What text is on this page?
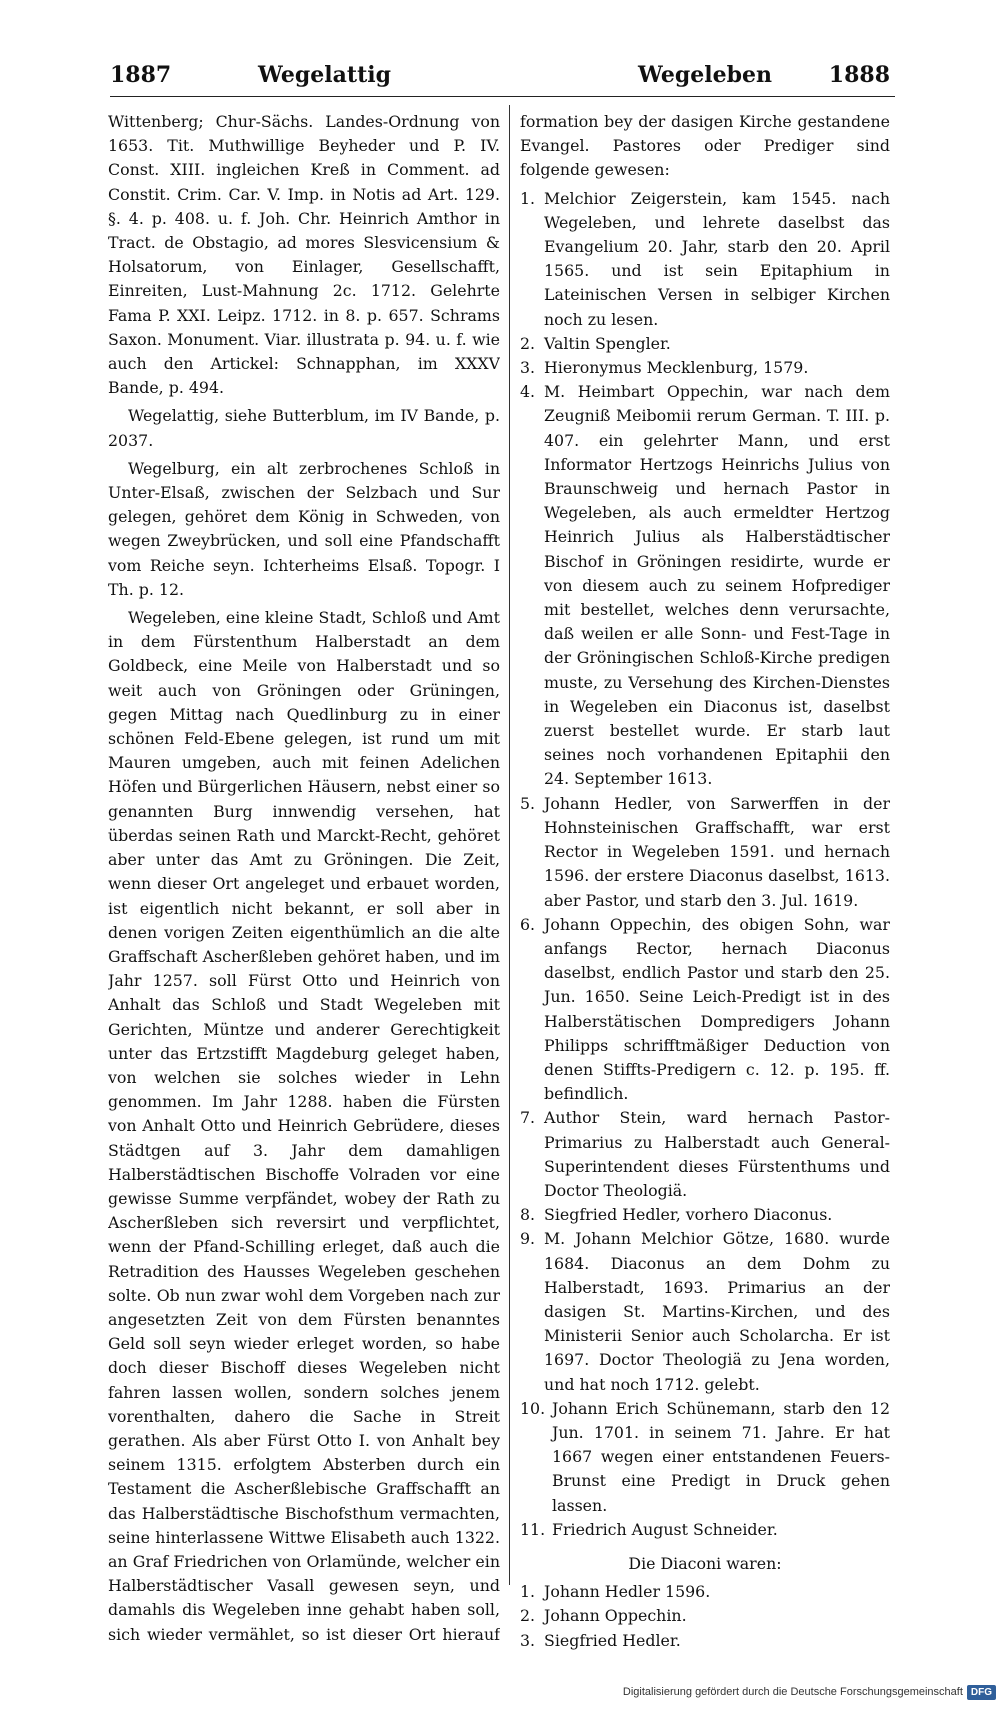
1887	Wegelattig	Wegeleben	1888

Wittenberg; Chur-Sächs. Landes-Ordnung von 1653. Tit. Muthwillige Beyheder und P. IV. Const. XIII. ingleichen Kreß in Comment. ad Constit. Crim. Car. V. Imp. in Notis ad Art. 129. §. 4. p. 408. u. f. Joh. Chr. Heinrich Amthor in Tract. de Obstagio, ad mores Slesvicensium & Holsatorum, von Einlager, Gesellschafft, Einreiten, Lust-Mahnung 2c. 1712. Gelehrte Fama P. XXI. Leipz. 1712. in 8. p. 657. Schrams Saxon. Monument. Viar. illustrata p. 94. u. f. wie auch den Artickel: Schnapphan, im XXXV Bande, p. 494.

Wegelattig, siehe Butterblum, im IV Bande, p. 2037.

Wegelburg, ein alt zerbrochenes Schloß in Unter-Elsaß, zwischen der Selzbach und Sur gelegen, gehöret dem König in Schweden, von wegen Zweybrücken, und soll eine Pfandschafft vom Reiche seyn. Ichterheims Elsaß. Topogr. I Th. p. 12.

Wegeleben, eine kleine Stadt, Schloß und Amt in dem Fürstenthum Halberstadt an dem Goldbeck, eine Meile von Halberstadt und so weit auch von Gröningen oder Grüningen, gegen Mittag nach Quedlinburg zu in einer schönen Feld-Ebene gelegen, ist rund um mit Mauren umgeben, auch mit feinen Adelichen Höfen und Bürgerlichen Häusern, nebst einer so genannten Burg innwendig versehen, hat überdas seinen Rath und Marckt-Recht, gehöret aber unter das Amt zu Gröningen. Die Zeit, wenn dieser Ort angeleget und erbauet worden, ist eigentlich nicht bekannt, er soll aber in denen vorigen Zeiten eigenthümlich an die alte Graffschaft Ascherßleben gehöret haben, und im Jahr 1257. soll Fürst Otto und Heinrich von Anhalt das Schloß und Stadt Wegeleben mit Gerichten, Müntze und anderer Gerechtigkeit unter das Ertzstifft Magdeburg geleget haben, von welchen sie solches wieder in Lehn genommen. Im Jahr 1288. haben die Fürsten von Anhalt Otto und Heinrich Gebrüdere, dieses Städtgen auf 3. Jahr dem damahligen Halberstädtischen Bischoffe Volraden vor eine gewisse Summe verpfändet, wobey der Rath zu Ascherßleben sich reversirt und verpflichtet, wenn der Pfand-Schilling erleget, daß auch die Retradition des Hausses Wegeleben geschehen solte. Ob nun zwar wohl dem Vorgeben nach zur angesetzten Zeit von dem Fürsten benanntes Geld soll seyn wieder erleget worden, so habe doch dieser Bischoff dieses Wegeleben nicht fahren lassen wollen, sondern solches jenem vorenthalten, dahero die Sache in Streit gerathen. Als aber Fürst Otto I. von Anhalt bey seinem 1315. erfolgtem Absterben durch ein Testament die Ascherßlebische Graffschafft an das Halberstädtische Bischofsthum vermachten, seine hinterlassene Wittwe Elisabeth auch 1322. an Graf Friedrichen von Orlamünde, welcher ein Halberstädtischer Vasall gewesen seyn, und damahls dis Wegeleben inne gehabt haben soll, sich wieder vermählet, so ist dieser Ort hierauf

formation bey der dasigen Kirche gestandene Evangel. Pastores oder Prediger sind folgende gewesen:

1. Melchior Zeigerstein, kam 1545. nach Wegeleben, und lehrete daselbst das Evangelium 20. Jahr, starb den 20. April 1565. und ist sein Epitaphium in Lateinischen Versen in selbiger Kirchen noch zu lesen.
2. Valtin Spengler.
3. Hieronymus Mecklenburg, 1579.
4. M. Heimbart Oppechin, war nach dem Zeugniß Meibomii rerum German. T. III. p. 407. ein gelehrter Mann, und erst Informator Hertzogs Heinrichs Julius von Braunschweig und hernach Pastor in Wegeleben, als auch ermeldter Hertzog Heinrich Julius als Halberstädtischer Bischof in Gröningen residirte, wurde er von diesem auch zu seinem Hofprediger mit bestellet, welches denn verursachte, daß weilen er alle Sonn- und Fest-Tage in der Gröningischen Schloß-Kirche predigen muste, zu Versehung des Kirchen-Dienstes in Wegeleben ein Diaconus ist, daselbst zuerst bestellet wurde. Er starb laut seines noch vorhandenen Epitaphii den 24. September 1613.
5. Johann Hedler, von Sarwerffen in der Hohnsteinischen Graffschafft, war erst Rector in Wegeleben 1591. und hernach 1596. der erstere Diaconus daselbst, 1613. aber Pastor, und starb den 3. Jul. 1619.
6. Johann Oppechin, des obigen Sohn, war anfangs Rector, hernach Diaconus daselbst, endlich Pastor und starb den 25. Jun. 1650. Seine Leich-Predigt ist in des Halberstätischen Dompredigers Johann Philipps schrifftmäßiger Deduction von denen Stiffts-Predigern c. 12. p. 195. ff. befindlich.
7. Author Stein, ward hernach Pastor-Primarius zu Halberstadt auch General-Superintendent dieses Fürstenthums und Doctor Theologiä.
8. Siegfried Hedler, vorhero Diaconus.
9. M. Johann Melchior Götze, 1680. wurde 1684. Diaconus an dem Dohm zu Halberstadt, 1693. Primarius an der dasigen St. Martins-Kirchen, und des Ministerii Senior auch Scholarcha. Er ist 1697. Doctor Theologiä zu Jena worden, und hat noch 1712. gelebt.
10. Johann Erich Schünemann, starb den 12 Jun. 1701. in seinem 71. Jahre. Er hat 1667 wegen einer entstandenen Feuers-Brunst eine Predigt in Druck gehen lassen.
11. Friedrich August Schneider.
Die Diaconi waren:
1. Johann Hedler 1596.
2. Johann Oppechin.
3. Siegfried Hedler.
Digitalisierung gefördert durch die Deutsche Forschungsgemeinschaft DFG
